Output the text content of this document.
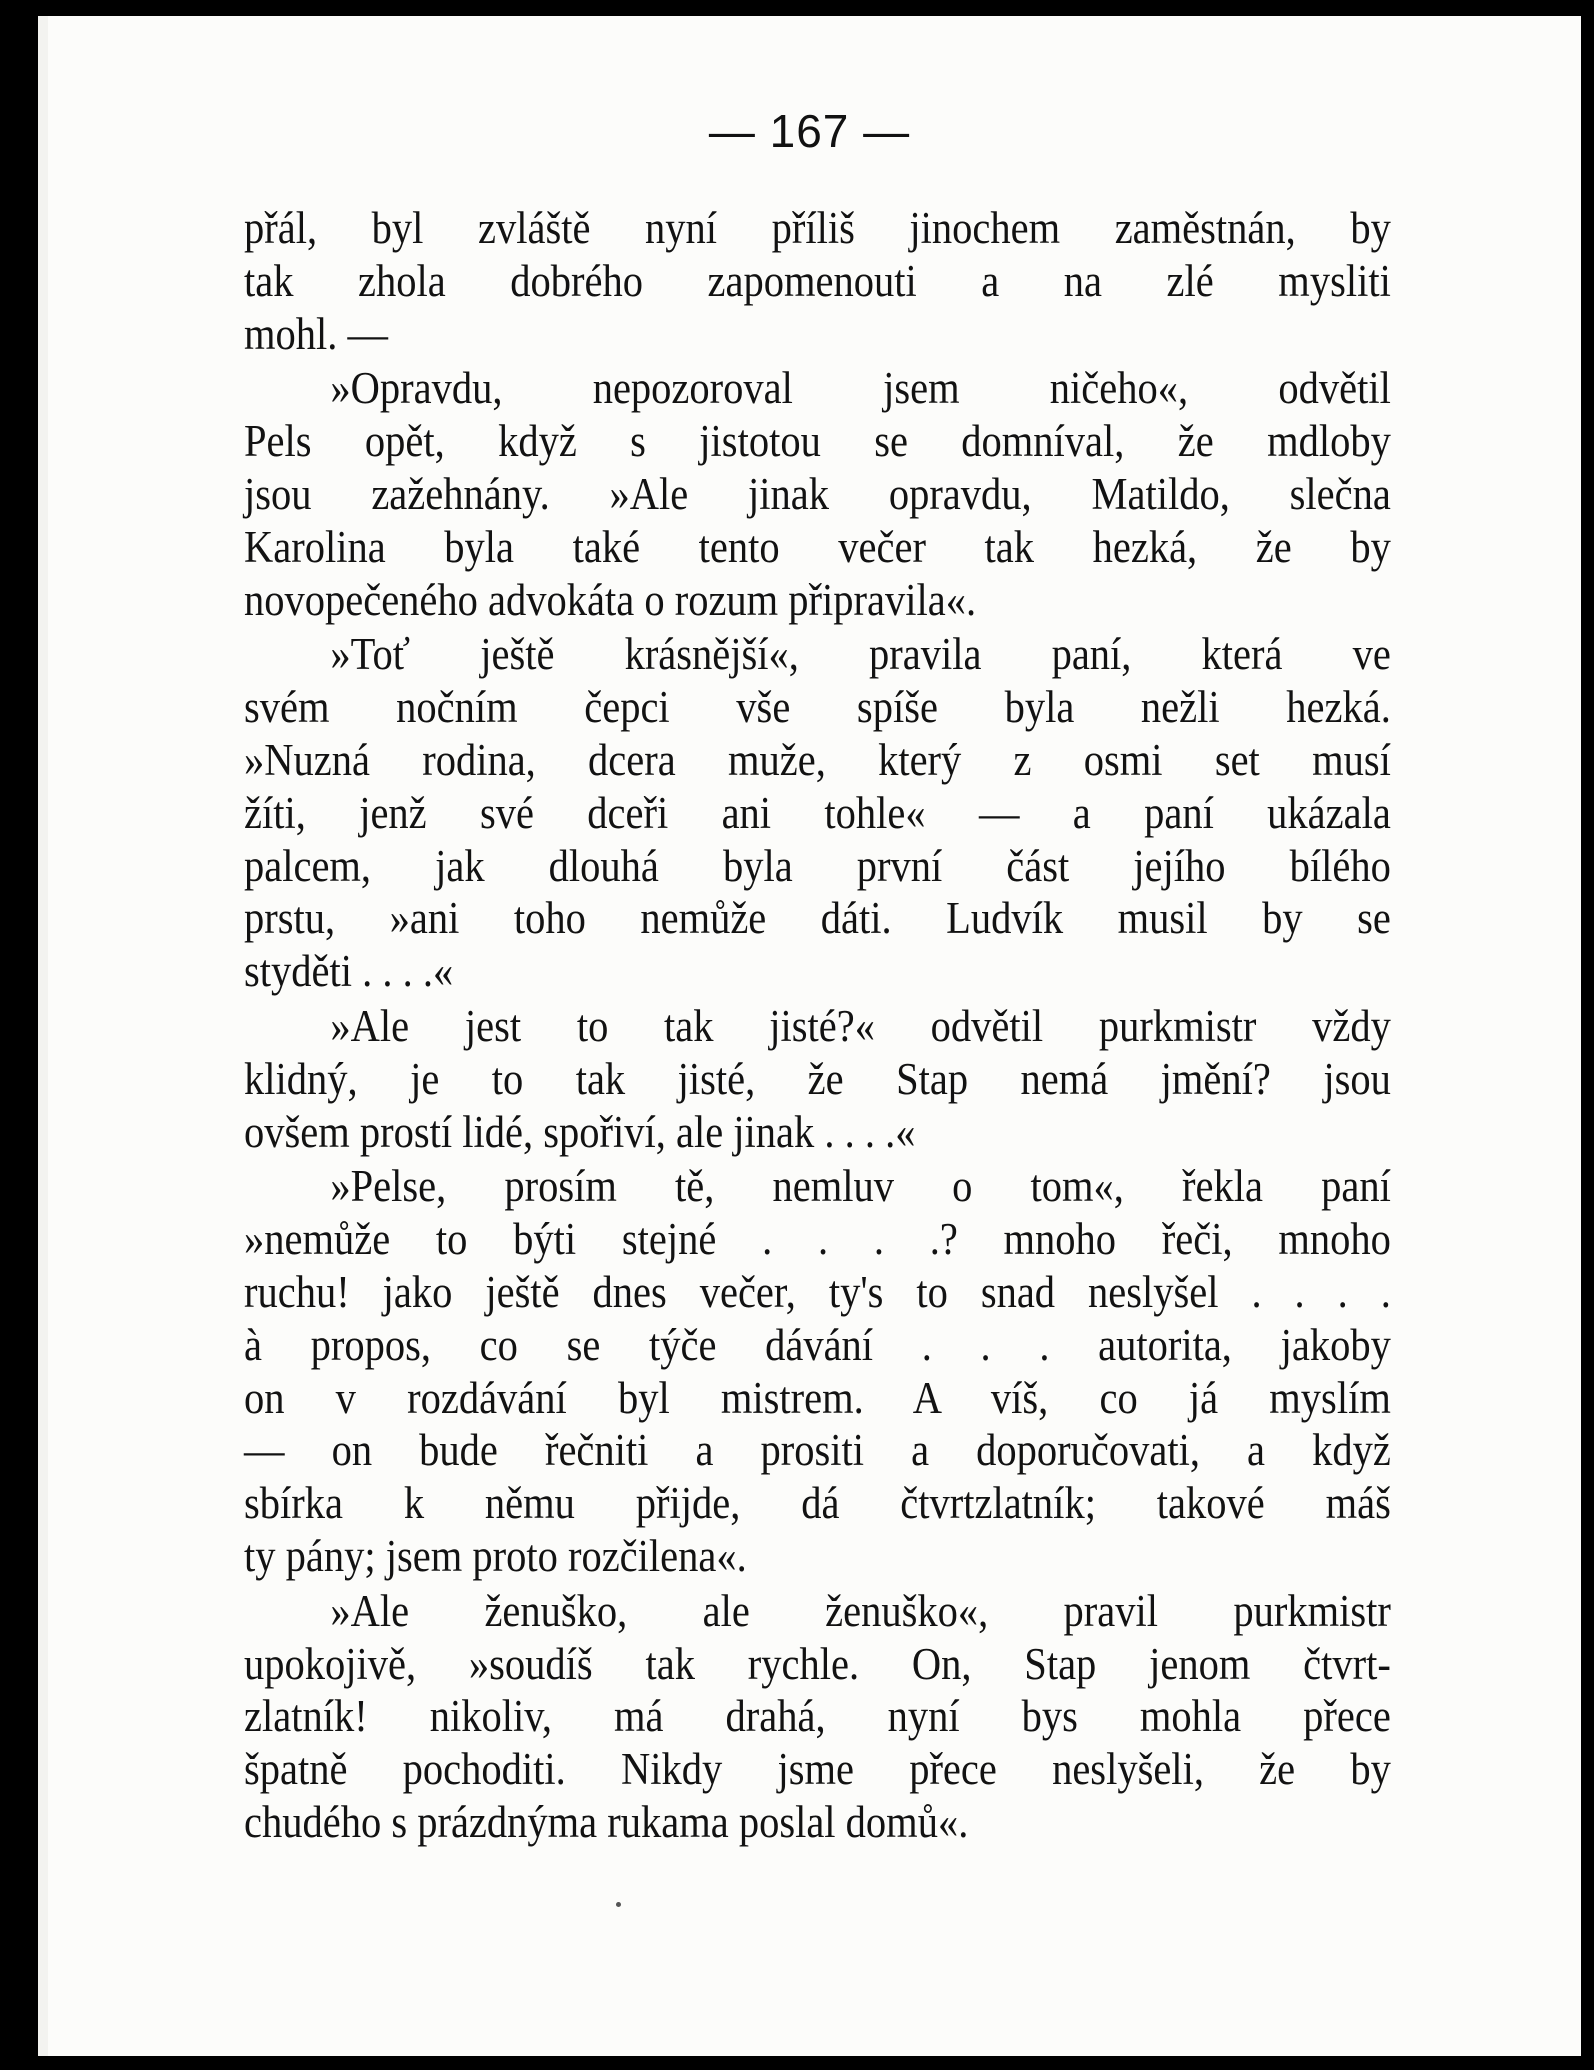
— 167 —
přál, byl zvláště nyní příliš jinochem zaměstnán, by
tak zhola dobrého zapomenouti a na zlé mysliti
mohl. —
»Opravdu, nepozoroval jsem ničeho«, odvětil
Pels opět, když s jistotou se domníval, že mdloby
jsou zažehnány. »Ale jinak opravdu, Matildo, slečna
Karolina byla také tento večer tak hezká, že by
novopečeného advokáta o rozum připravila«.
»Toť ještě krásnější«, pravila paní, která ve
svém nočním čepci vše spíše byla nežli hezká.
»Nuzná rodina, dcera muže, který z osmi set musí
žíti, jenž své dceři ani tohle« — a paní ukázala
palcem, jak dlouhá byla první část jejího bílého
prstu, »ani toho nemůže dáti. Ludvík musil by se
styděti . . . .«
»Ale jest to tak jisté?« odvětil purkmistr vždy
klidný, je to tak jisté, že Stap nemá jmění? jsou
ovšem prostí lidé, spořiví, ale jinak . . . .«
»Pelse, prosím tě, nemluv o tom«, řekla paní
»nemůže to býti stejné . . . .? mnoho řeči, mnoho
ruchu! jako ještě dnes večer, ty's to snad neslyšel . . . .
à propos, co se týče dávání . . . autorita, jakoby
on v rozdávání byl mistrem. A víš, co já myslím
— on bude řečniti a prositi a doporučovati, a když
sbírka k němu přijde, dá čtvrtzlatník; takové máš
ty pány; jsem proto rozčilena«.
»Ale ženuško, ale ženuško«, pravil purkmistr
upokojivě, »soudíš tak rychle. On, Stap jenom čtvrt-
zlatník! nikoliv, má drahá, nyní bys mohla přece
špatně pochoditi. Nikdy jsme přece neslyšeli, že by
chudého s prázdnýma rukama poslal domů«.
